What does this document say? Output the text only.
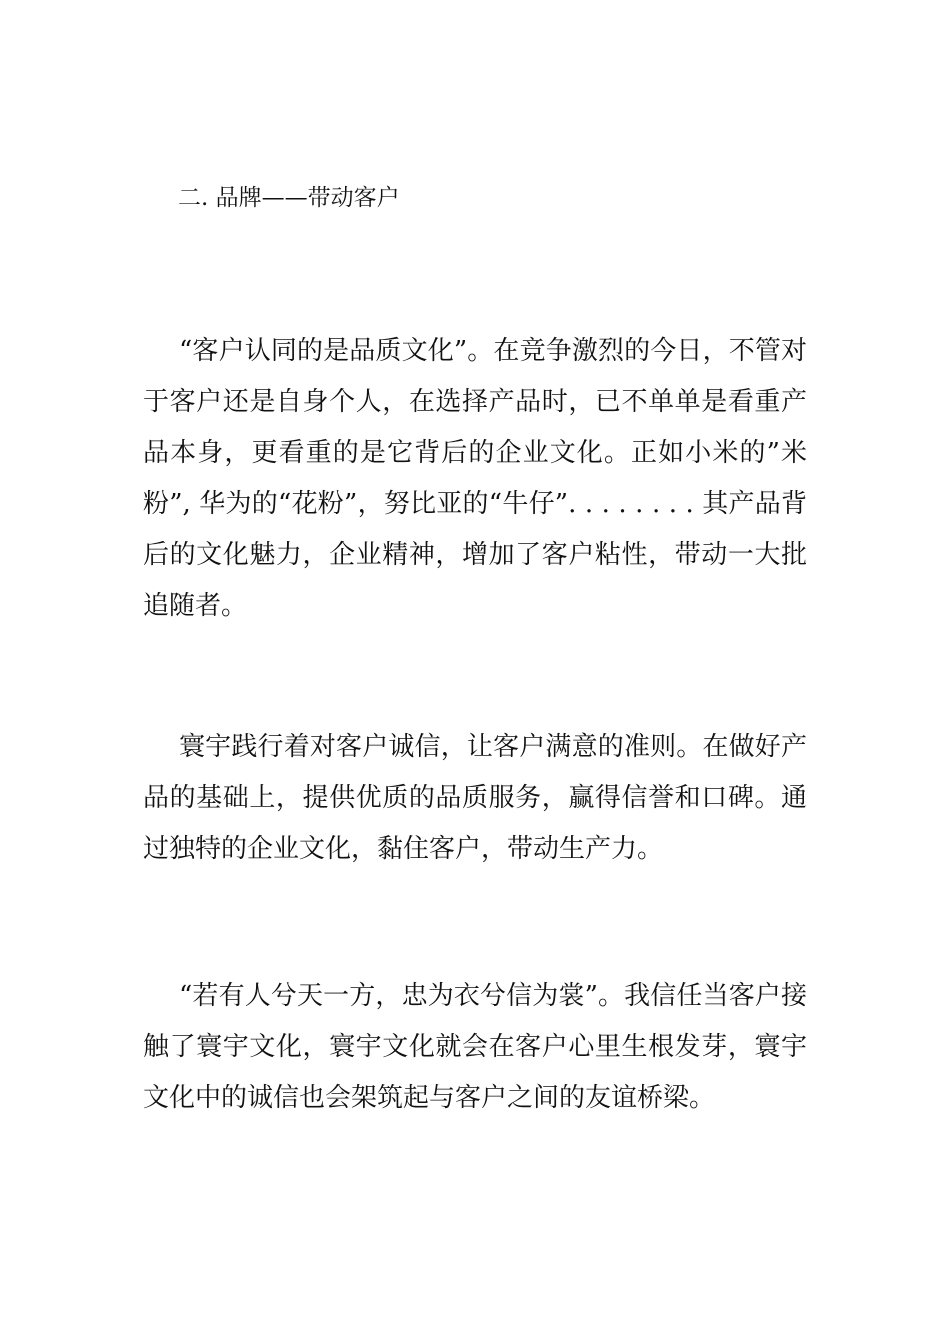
二. 品牌——带动客户

“客户认同的是品质文化”。在竞争激烈的今日，不管对于客户还是自身个人，在选择产品时，已不单单是看重产品本身，更看重的是它背后的企业文化。正如小米的”米粉”, 华为的“花粉”，努比亚的“牛仔”. . . . . . . . 其产品背后的文化魅力，企业精神，增加了客户粘性，带动一大批追随者。

寰宇践行着对客户诚信，让客户满意的准则。在做好产品的基础上，提供优质的品质服务，赢得信誉和口碑。通过独特的企业文化，黏住客户，带动生产力。

“若有人兮天一方，忠为衣兮信为裳”。我信任当客户接触了寰宇文化，寰宇文化就会在客户心里生根发芽，寰宇文化中的诚信也会架筑起与客户之间的友谊桥梁。
